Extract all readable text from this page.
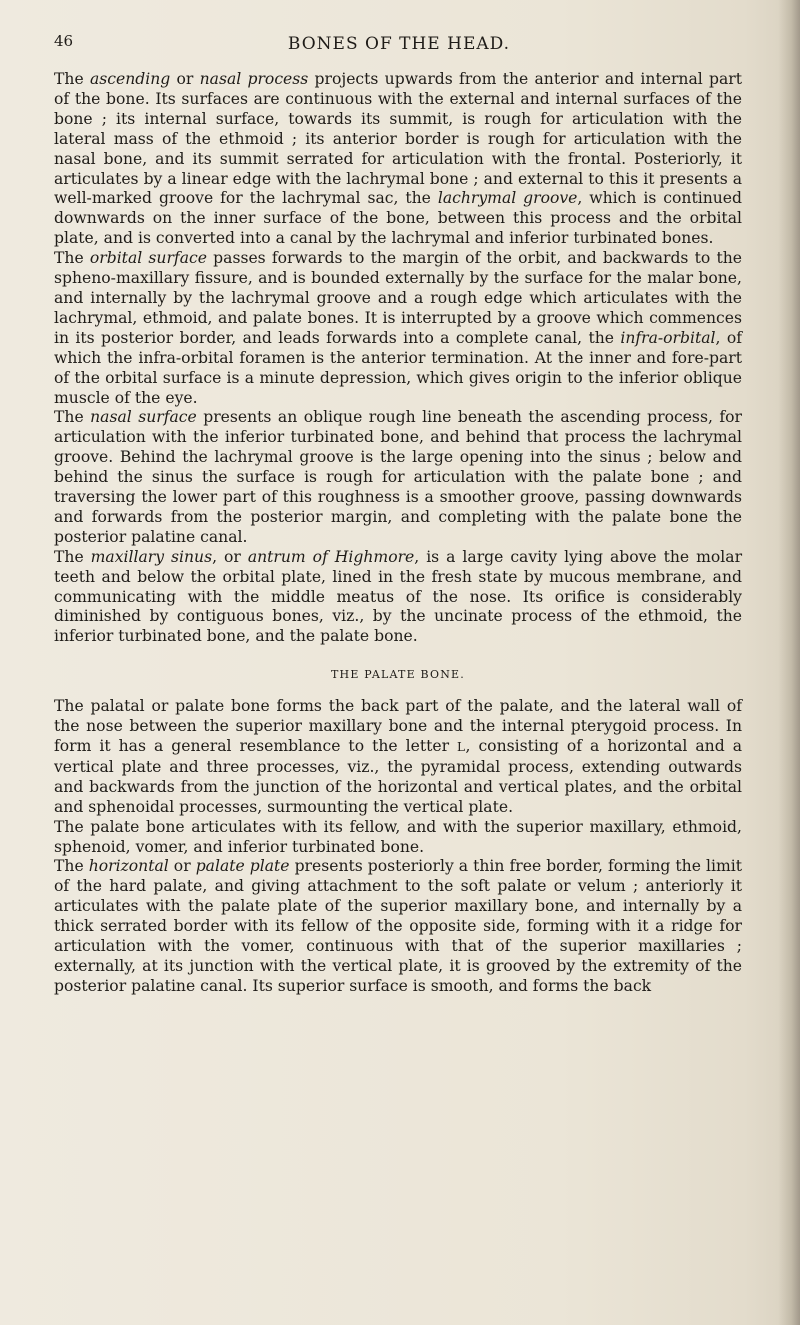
46	BONES OF THE HEAD.

The ascending or nasal process projects upwards from the anterior and internal part of the bone. Its surfaces are continuous with the external and internal surfaces of the bone ; its internal surface, towards its summit, is rough for articulation with the lateral mass of the ethmoid ; its anterior border is rough for articulation with the nasal bone, and its summit serrated for articulation with the frontal. Posteriorly, it articulates by a linear edge with the lachrymal bone ; and external to this it presents a well-marked groove for the lachrymal sac, the lachrymal groove, which is continued downwards on the inner surface of the bone, between this process and the orbital plate, and is converted into a canal by the lachrymal and inferior turbinated bones.

The orbital surface passes forwards to the margin of the orbit, and backwards to the spheno-maxillary fissure, and is bounded externally by the surface for the malar bone, and internally by the lachrymal groove and a rough edge which articulates with the lachrymal, ethmoid, and palate bones. It is interrupted by a groove which commences in its posterior border, and leads forwards into a complete canal, the infra-orbital, of which the infra-orbital foramen is the anterior termination. At the inner and fore-part of the orbital surface is a minute depression, which gives origin to the inferior oblique muscle of the eye.

The nasal surface presents an oblique rough line beneath the ascending process, for articulation with the inferior turbinated bone, and behind that process the lachrymal groove. Behind the lachrymal groove is the large opening into the sinus ; below and behind the sinus the surface is rough for articulation with the palate bone ; and traversing the lower part of this roughness is a smoother groove, passing downwards and forwards from the posterior margin, and completing with the palate bone the posterior palatine canal.

The maxillary sinus, or antrum of Highmore, is a large cavity lying above the molar teeth and below the orbital plate, lined in the fresh state by mucous membrane, and communicating with the middle meatus of the nose. Its orifice is considerably diminished by contiguous bones, viz., by the uncinate process of the ethmoid, the inferior turbinated bone, and the palate bone.

THE PALATE BONE.

The palatal or palate bone forms the back part of the palate, and the lateral wall of the nose between the superior maxillary bone and the internal pterygoid process. In form it has a general resemblance to the letter L, consisting of a horizontal and a vertical plate and three processes, viz., the pyramidal process, extending outwards and backwards from the junction of the horizontal and vertical plates, and the orbital and sphenoidal processes, surmounting the vertical plate.

The palate bone articulates with its fellow, and with the superior maxillary, ethmoid, sphenoid, vomer, and inferior turbinated bone.

The horizontal or palate plate presents posteriorly a thin free border, forming the limit of the hard palate, and giving attachment to the soft palate or velum ; anteriorly it articulates with the palate plate of the superior maxillary bone, and internally by a thick serrated border with its fellow of the opposite side, forming with it a ridge for articulation with the vomer, continuous with that of the superior maxillaries ; externally, at its junction with the vertical plate, it is grooved by the extremity of the posterior palatine canal. Its superior surface is smooth, and forms the back
